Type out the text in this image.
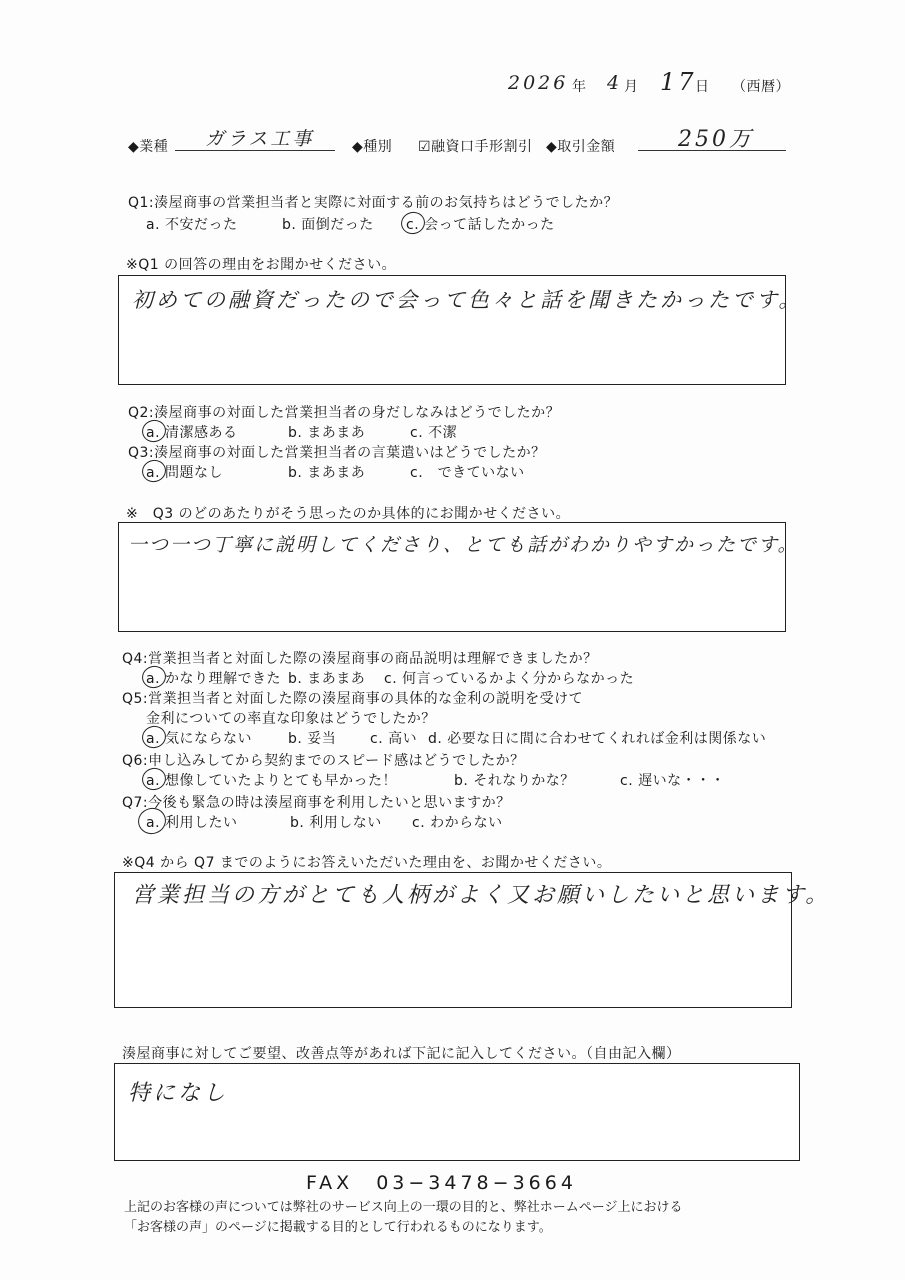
2026 年 4 月 17
日 （西暦）
◆業種 ガラス工事	◆種別 ☑融資口手形割引 ◆取引金額	250万
Q1:湊屋商事の営業担当者と実際に対面する前のお気持ちはどうでしたか？
a. 不安だった	b. 面倒だった c. 会って話したかった
※Q1 の回答の理由をお聞かせください。
初めての融資だったので会って色々と話を聞きたかったです。
Q2:湊屋商事の対面した営業担当者の身だしなみはどうでしたか？
a. 清潔感ある	b. まあまあ	c. 不潔
Q3:湊屋商事の対面した営業担当者の言葉遣いはどうでしたか？
a. 問題なし	b. まあまあ	c.　できていない
※　Q3 のどのあたりがそう思ったのか具体的にお聞かせください。
一つ一つ丁寧に説明してくださり、とても話がわかりやすかったです。
Q4:営業担当者と対面した際の湊屋商事の商品説明は理解できましたか？
a. かなり理解できた b. まあまあ c. 何言っているかよく分からなかった
Q5:営業担当者と対面した際の湊屋商事の具体的な金利の説明を受けて
金利についての率直な印象はどうでしたか？
a. 気にならない	b. 妥当 c. 高い d. 必要な日に間に合わせてくれれば金利は関係ない
Q6:申し込みしてから契約までのスピード感はどうでしたか？
a. 想像していたよりとても早かった！	b. それなりかな？	c. 遅いな・・・
Q7:今後も緊急の時は湊屋商事を利用したいと思いますか？
a. 利用したい	b. 利用しない c. わからない
※Q4 から Q7 までのようにお答えいただいた理由を、お聞かせください。
営業担当の方がとても人柄がよく又お願いしたいと思います。
湊屋商事に対してご要望、改善点等があれば下記に記入してください。（自由記入欄）
特になし
FAX　03−3478−3664
上記のお客様の声については弊社のサービス向上の一環の目的と、弊社ホームページ上における
「お客様の声」のページに掲載する目的として行われるものになります。
